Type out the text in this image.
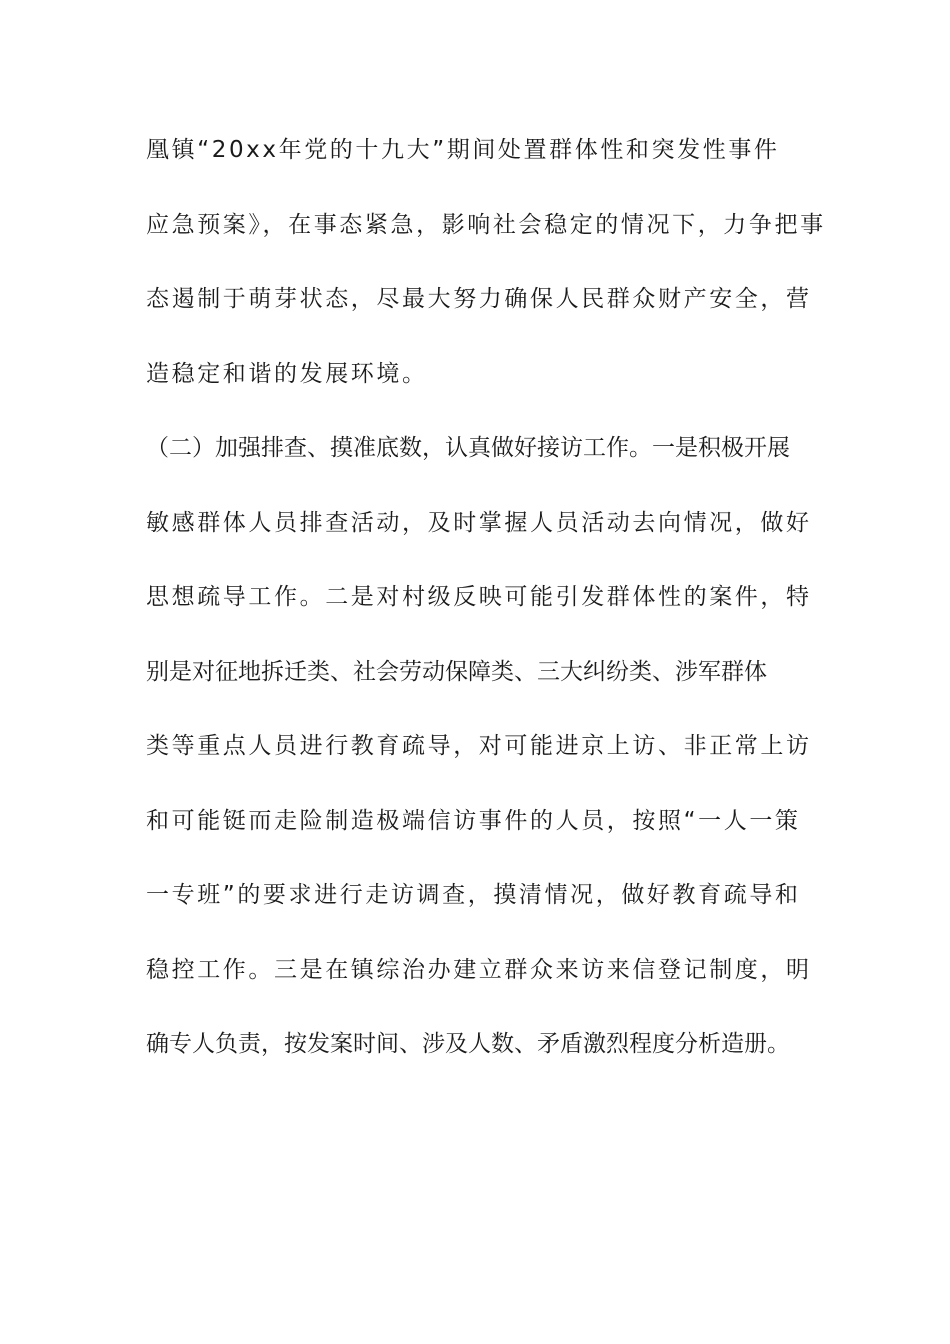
凰镇“20xx年党的十九大”期间处置群体性和突发性事件
应急预案》，在事态紧急，影响社会稳定的情况下，力争把事
态遏制于萌芽状态，尽最大努力确保人民群众财产安全，营
造稳定和谐的发展环境。
（二）加强排查、摸准底数，认真做好接访工作。一是积极开展
敏感群体人员排查活动，及时掌握人员活动去向情况，做好
思想疏导工作。二是对村级反映可能引发群体性的案件，特
别是对征地拆迁类、社会劳动保障类、三大纠纷类、涉军群体
类等重点人员进行教育疏导，对可能进京上访、非正常上访
和可能铤而走险制造极端信访事件的人员，按照“一人一策
一专班”的要求进行走访调查，摸清情况，做好教育疏导和
稳控工作。三是在镇综治办建立群众来访来信登记制度，明
确专人负责，按发案时间、涉及人数、矛盾激烈程度分析造册。
